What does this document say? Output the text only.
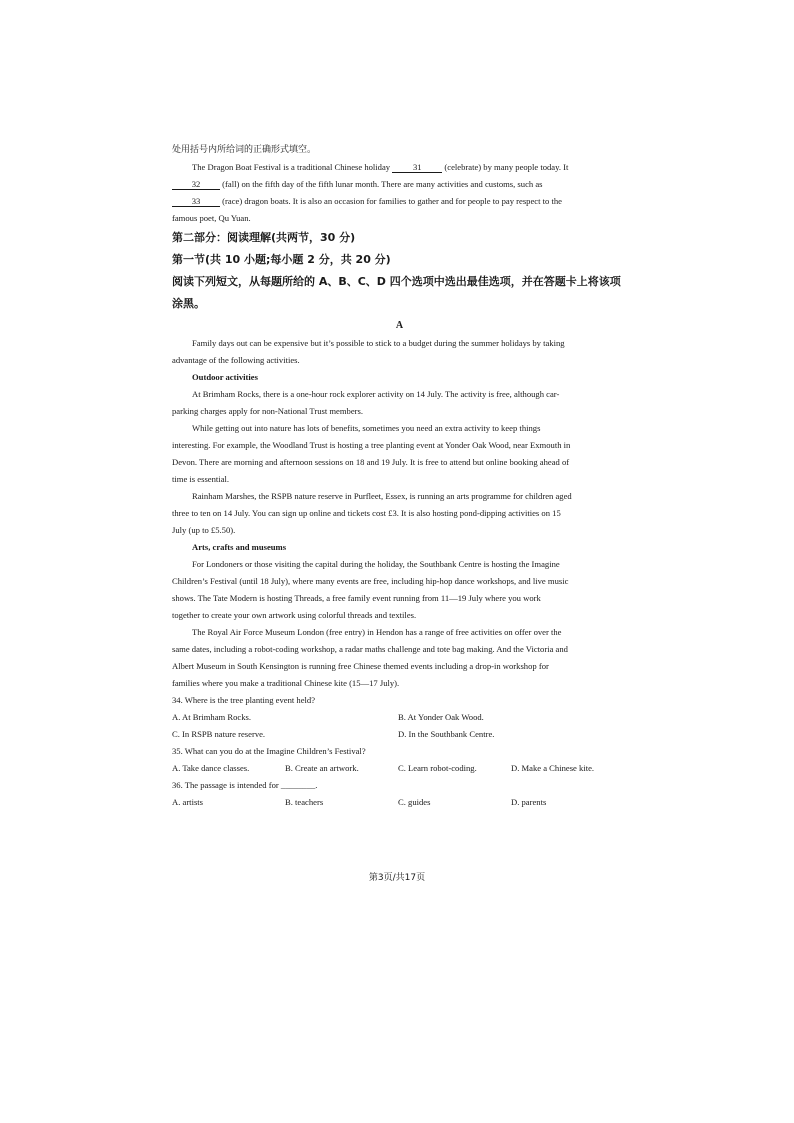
处用括号内所给词的正确形式填空。
The Dragon Boat Festival is a traditional Chinese holiday	31	(celebrate) by many people today. It
32	(fall) on the fifth day of the fifth lunar month. There are many activities and customs, such as
33	(race) dragon boats. It is also an occasion for families to gather and for people to pay respect to the
famous poet, Qu Yuan.
第二部分：阅读理解(共两节，30 分)
第一节(共 10 小题;每小题 2 分，共 20 分)
阅读下列短文，从每题所给的 A、B、C、D 四个选项中选出最佳选项，并在答题卡上将该项
涂黑。
A
Family days out can be expensive but it’s possible to stick to a budget during the summer holidays by taking
advantage of the following activities.
Outdoor activities
At Brimham Rocks, there is a one-hour rock explorer activity on 14 July. The activity is free, although car-
parking charges apply for non-National Trust members.
While getting out into nature has lots of benefits, sometimes you need an extra activity to keep things
interesting. For example, the Woodland Trust is hosting a tree planting event at Yonder Oak Wood, near Exmouth in
Devon. There are morning and afternoon sessions on 18 and 19 July. It is free to attend but online booking ahead of
time is essential.
Rainham Marshes, the RSPB nature reserve in Purfleet, Essex, is running an arts programme for children aged
three to ten on 14 July. You can sign up online and tickets cost £3. It is also hosting pond-dipping activities on 15
July (up to £5.50).
Arts, crafts and museums
For Londoners or those visiting the capital during the holiday, the Southbank Centre is hosting the Imagine
Children’s Festival (until 18 July), where many events are free, including hip-hop dance workshops, and live music
shows. The Tate Modern is hosting Threads, a free family event running from 11—19 July where you work
together to create your own artwork using colorful threads and textiles.
The Royal Air Force Museum London (free entry) in Hendon has a range of free activities on offer over the
same dates, including a robot-coding workshop, a radar maths challenge and tote bag making. And the Victoria and
Albert Museum in South Kensington is running free Chinese themed events including a drop-in workshop for
families where you make a traditional Chinese kite (15—17 July).
34. Where is the tree planting event held?
A. At Brimham Rocks.	B. At Yonder Oak Wood.
C. In RSPB nature reserve.	D. In the Southbank Centre.
35. What can you do at the Imagine Children’s Festival?
A. Take dance classes.	B. Create an artwork.	C. Learn robot-coding.	D. Make a Chinese kite.
36. The passage is intended for ________.
A. artists	B. teachers	C. guides	D. parents
第3页/共17页
